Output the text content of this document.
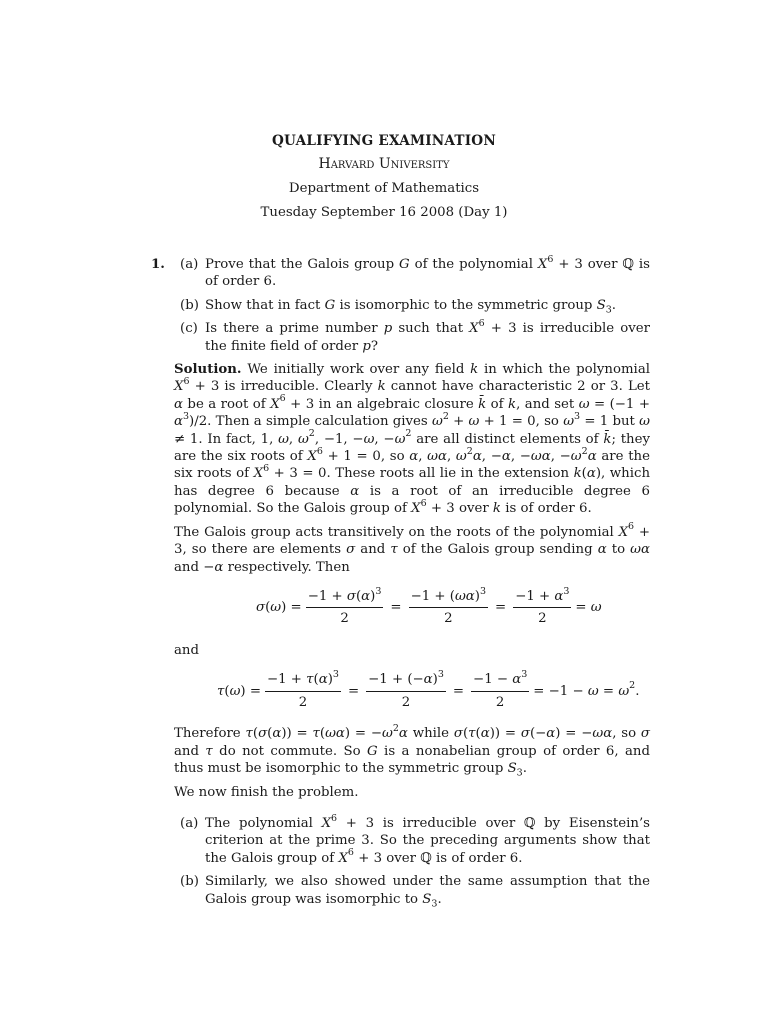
QUALIFYING EXAMINATION
Harvard University
Department of Mathematics
Tuesday September 16 2008 (Day 1)
1. (a) Prove that the Galois group G of the polynomial $X^6 + 3$ over ℚ is of order 6.
(b) Show that in fact G is isomorphic to the symmetric group $S_3$.
(c) Is there a prime number p such that $X^6 + 3$ is irreducible over the finite field of order p?

Solution. We initially work over any field k in which the polynomial $X^6 + 3$ is irreducible. Clearly k cannot have characteristic 2 or 3. Let α be a root of $X^6 + 3$ in an algebraic closure k̄ of k, and set $\omega = (-1 + \alpha^3)/2$. Then a simple calculation gives $\omega^2 + \omega + 1 = 0$, so $\omega^3 = 1$ but ω ≠ 1. In fact, 1, ω, $\omega^2$, −1, −ω, $-\omega^2$ are all distinct elements of k̄; they are the six roots of $X^6 + 1 = 0$, so α, ωα, $\omega^2\alpha$, −α, −ωα, $-\omega^2\alpha$ are the six roots of $X^6 + 3 = 0$. These roots all lie in the extension k(α), which has degree 6 because α is a root of an irreducible degree 6 polynomial. So the Galois group of $X^6 + 3$ over k is of order 6.

The Galois group acts transitively on the roots of the polynomial $X^6 + 3$, so there are elements σ and τ of the Galois group sending α to ωα and −α respectively. Then

$\sigma(\omega) = \frac{-1 + \sigma(\alpha)^3}{2} = \frac{-1 + (\omega\alpha)^3}{2} = \frac{-1 + \alpha^3}{2} = \omega$

and

$\tau(\omega) = \frac{-1 + \tau(\alpha)^3}{2} = \frac{-1 + (-\alpha)^3}{2} = \frac{-1 - \alpha^3}{2} = -1 - \omega = \omega^2$.

Therefore $\tau(\sigma(\alpha)) = \tau(\omega\alpha) = -\omega^2\alpha$ while σ(τ(α)) = σ(−α) = −ωα, so σ and τ do not commute. So G is a nonabelian group of order 6, and thus must be isomorphic to the symmetric group $S_3$.

We now finish the problem.

(a) The polynomial $X^6 + 3$ is irreducible over ℚ by Eisenstein’s criterion at the prime 3. So the preceding arguments show that the Galois group of $X^6 + 3$ over ℚ is of order 6.
(b) Similarly, we also showed under the same assumption that the Galois group was isomorphic to $S_3$.
